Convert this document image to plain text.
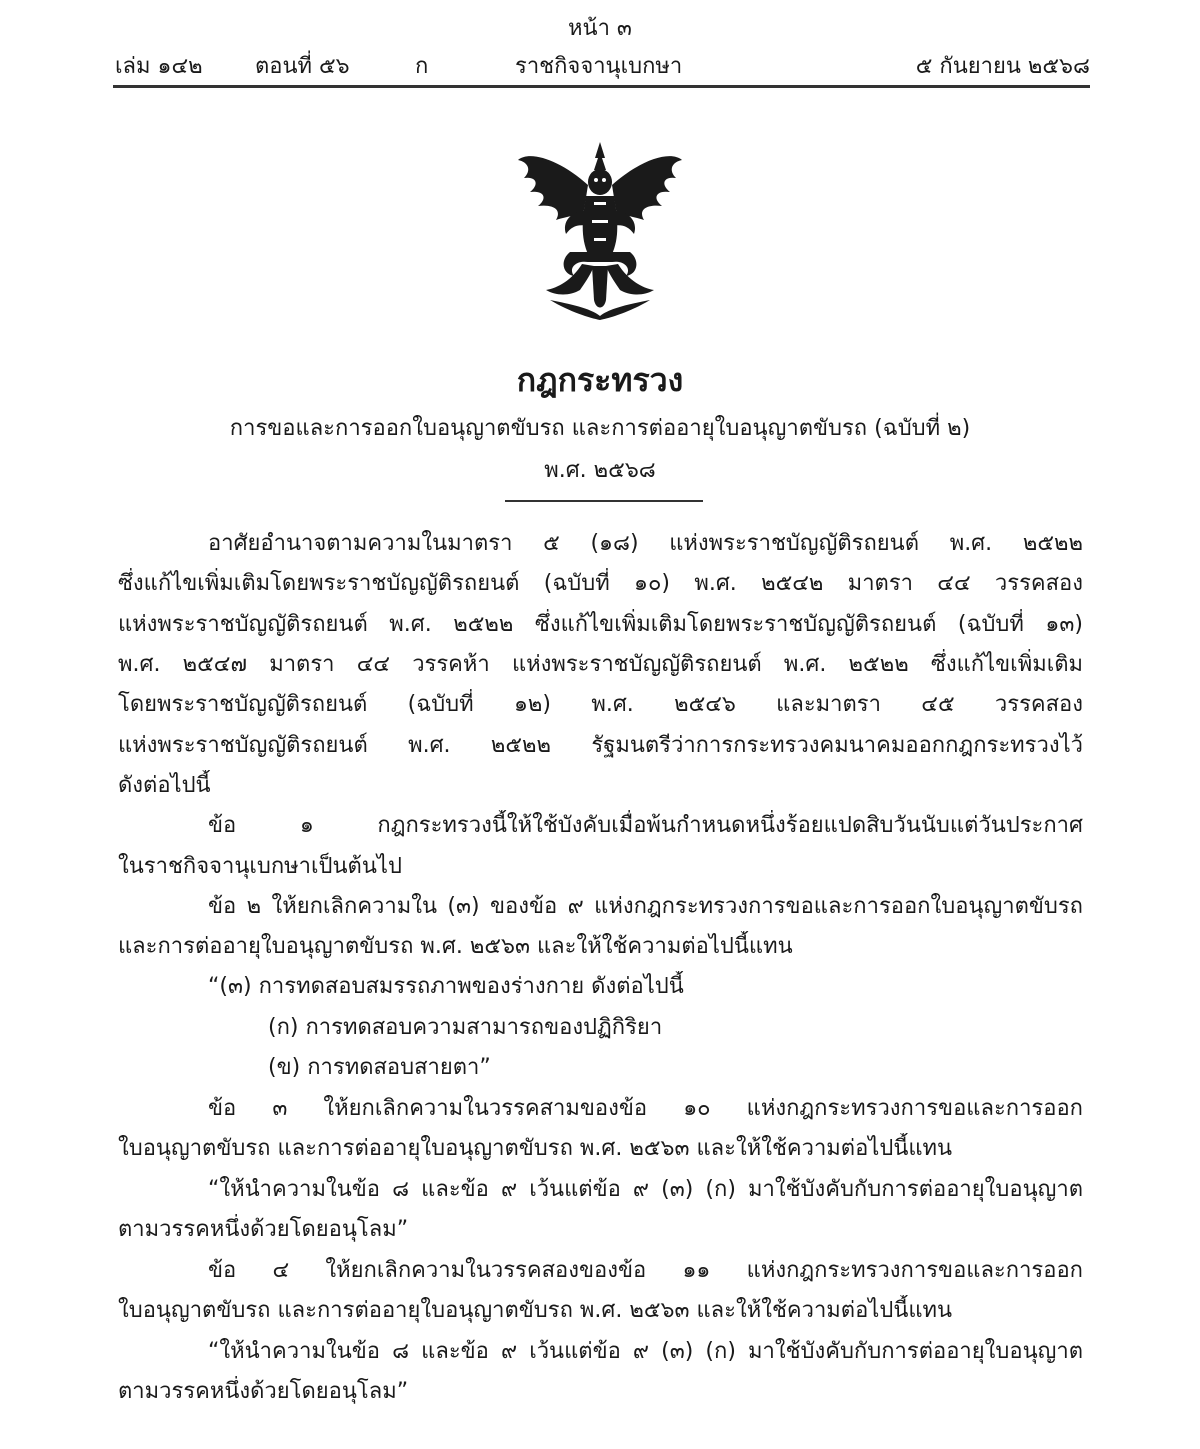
หน้า ๓
เล่ม ๑๔๒ ตอนที่ ๕๖	ก	ราชกิจจานุเบกษา	๕ กันยายน ๒๕๖๘
กฎกระทรวง
การขอและการออกใบอนุญาตขับรถ และการต่ออายุใบอนุญาตขับรถ (ฉบับที่ ๒)
พ.ศ. ๒๕๖๘
อาศัยอำนาจตามความในมาตรา ๕ (๑๘) แห่งพระราชบัญญัติรถยนต์ พ.ศ. ๒๕๒๒
ซึ่งแก้ไขเพิ่มเติมโดยพระราชบัญญัติรถยนต์ (ฉบับที่ ๑๐) พ.ศ. ๒๕๔๒ มาตรา ๔๔ วรรคสอง
แห่งพระราชบัญญัติรถยนต์ พ.ศ. ๒๕๒๒ ซึ่งแก้ไขเพิ่มเติมโดยพระราชบัญญัติรถยนต์ (ฉบับที่ ๑๓)
พ.ศ. ๒๕๔๗ มาตรา ๔๔ วรรคห้า แห่งพระราชบัญญัติรถยนต์ พ.ศ. ๒๕๒๒ ซึ่งแก้ไขเพิ่มเติม
โดยพระราชบัญญัติรถยนต์ (ฉบับที่ ๑๒) พ.ศ. ๒๕๔๖ และมาตรา ๔๕ วรรคสอง
แห่งพระราชบัญญัติรถยนต์ พ.ศ. ๒๕๒๒ รัฐมนตรีว่าการกระทรวงคมนาคมออกกฎกระทรวงไว้
ดังต่อไปนี้
ข้อ ๑ กฎกระทรวงนี้ให้ใช้บังคับเมื่อพ้นกำหนดหนึ่งร้อยแปดสิบวันนับแต่วันประกาศ
ในราชกิจจานุเบกษาเป็นต้นไป
ข้อ ๒ ให้ยกเลิกความใน (๓) ของข้อ ๙ แห่งกฎกระทรวงการขอและการออกใบอนุญาตขับรถ
และการต่ออายุใบอนุญาตขับรถ พ.ศ. ๒๕๖๓ และให้ใช้ความต่อไปนี้แทน
“(๓) การทดสอบสมรรถภาพของร่างกาย ดังต่อไปนี้
(ก) การทดสอบความสามารถของปฏิกิริยา
(ข) การทดสอบสายตา”
ข้อ ๓ ให้ยกเลิกความในวรรคสามของข้อ ๑๐ แห่งกฎกระทรวงการขอและการออก
ใบอนุญาตขับรถ และการต่ออายุใบอนุญาตขับรถ พ.ศ. ๒๕๖๓ และให้ใช้ความต่อไปนี้แทน
“ให้นำความในข้อ ๘ และข้อ ๙ เว้นแต่ข้อ ๙ (๓) (ก) มาใช้บังคับกับการต่ออายุใบอนุญาต
ตามวรรคหนึ่งด้วยโดยอนุโลม”
ข้อ ๔ ให้ยกเลิกความในวรรคสองของข้อ ๑๑ แห่งกฎกระทรวงการขอและการออก
ใบอนุญาตขับรถ และการต่ออายุใบอนุญาตขับรถ พ.ศ. ๒๕๖๓ และให้ใช้ความต่อไปนี้แทน
“ให้นำความในข้อ ๘ และข้อ ๙ เว้นแต่ข้อ ๙ (๓) (ก) มาใช้บังคับกับการต่ออายุใบอนุญาต
ตามวรรคหนึ่งด้วยโดยอนุโลม”
